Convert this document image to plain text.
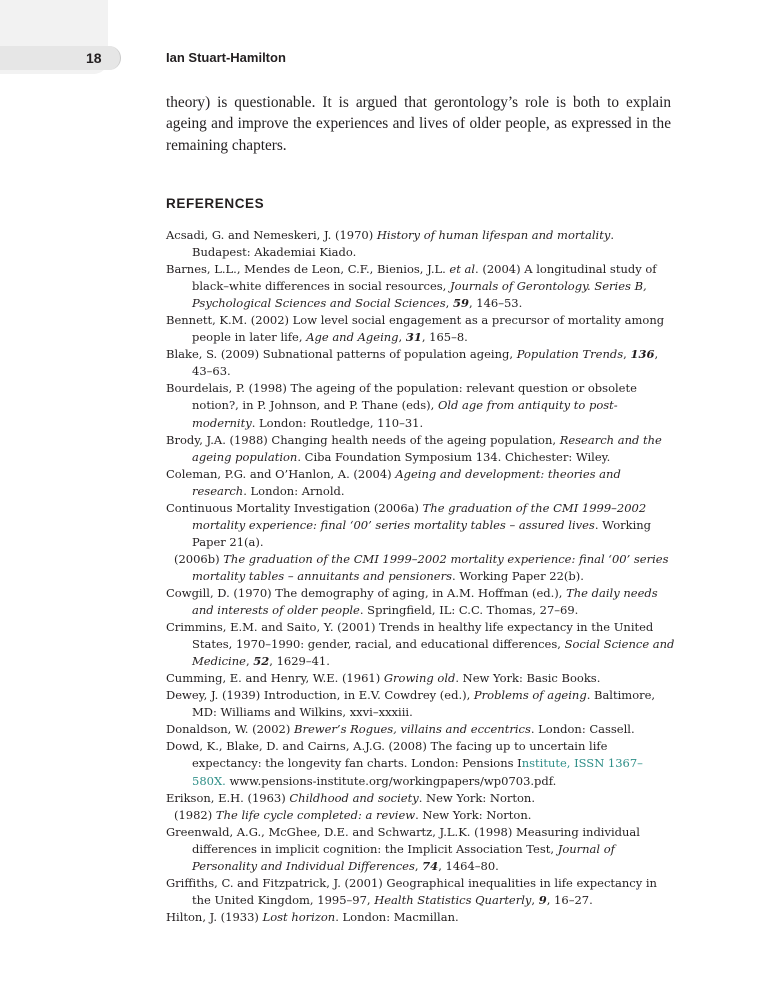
18	Ian Stuart-Hamilton

theory) is questionable. It is argued that gerontology’s role is both to explain ageing and improve the experiences and lives of older people, as expressed in the remaining chapters.

REFERENCES
Acsadi, G. and Nemeskeri, J. (1970) History of human lifespan and mortality. Budapest: Akademiai Kiado.
Barnes, L.L., Mendes de Leon, C.F., Bienios, J.L. et al. (2004) A longitudinal study of black–white differences in social resources, Journals of Gerontology. Series B, Psychological Sciences and Social Sciences, 59, 146–53.
Bennett, K.M. (2002) Low level social engagement as a precursor of mortality among people in later life, Age and Ageing, 31, 165–8.
Blake, S. (2009) Subnational patterns of population ageing, Population Trends, 136, 43–63.
Bourdelais, P. (1998) The ageing of the population: relevant question or obsolete notion?, in P. Johnson, and P. Thane (eds), Old age from antiquity to post-modernity. London: Routledge, 110–31.
Brody, J.A. (1988) Changing health needs of the ageing population, Research and the ageing population. Ciba Foundation Symposium 134. Chichester: Wiley.
Coleman, P.G. and O’Hanlon, A. (2004) Ageing and development: theories and research. London: Arnold.
Continuous Mortality Investigation (2006a) The graduation of the CMI 1999–2002 mortality experience: final ‘00’ series mortality tables – assured lives. Working Paper 21(a).
(2006b) The graduation of the CMI 1999–2002 mortality experience: final ‘00’ series mortality tables – annuitants and pensioners. Working Paper 22(b).
Cowgill, D. (1970) The demography of aging, in A.M. Hoffman (ed.), The daily needs and interests of older people. Springfield, IL: C.C. Thomas, 27–69.
Crimmins, E.M. and Saito, Y. (2001) Trends in healthy life expectancy in the United States, 1970–1990: gender, racial, and educational differences, Social Science and Medicine, 52, 1629–41.
Cumming, E. and Henry, W.E. (1961) Growing old. New York: Basic Books.
Dewey, J. (1939) Introduction, in E.V. Cowdrey (ed.), Problems of ageing. Baltimore, MD: Williams and Wilkins, xxvi–xxxiii.
Donaldson, W. (2002) Brewer’s Rogues, villains and eccentrics. London: Cassell.
Dowd, K., Blake, D. and Cairns, A.J.G. (2008) The facing up to uncertain life expectancy: the longevity fan charts. London: Pensions Institute, ISSN 1367–580X. www.pensions-institute.org/workingpapers/wp0703.pdf.
Erikson, E.H. (1963) Childhood and society. New York: Norton.
(1982) The life cycle completed: a review. New York: Norton.
Greenwald, A.G., McGhee, D.E. and Schwartz, J.L.K. (1998) Measuring individual differences in implicit cognition: the Implicit Association Test, Journal of Personality and Individual Differences, 74, 1464–80.
Griffiths, C. and Fitzpatrick, J. (2001) Geographical inequalities in life expectancy in the United Kingdom, 1995–97, Health Statistics Quarterly, 9, 16–27.
Hilton, J. (1933) Lost horizon. London: Macmillan.
